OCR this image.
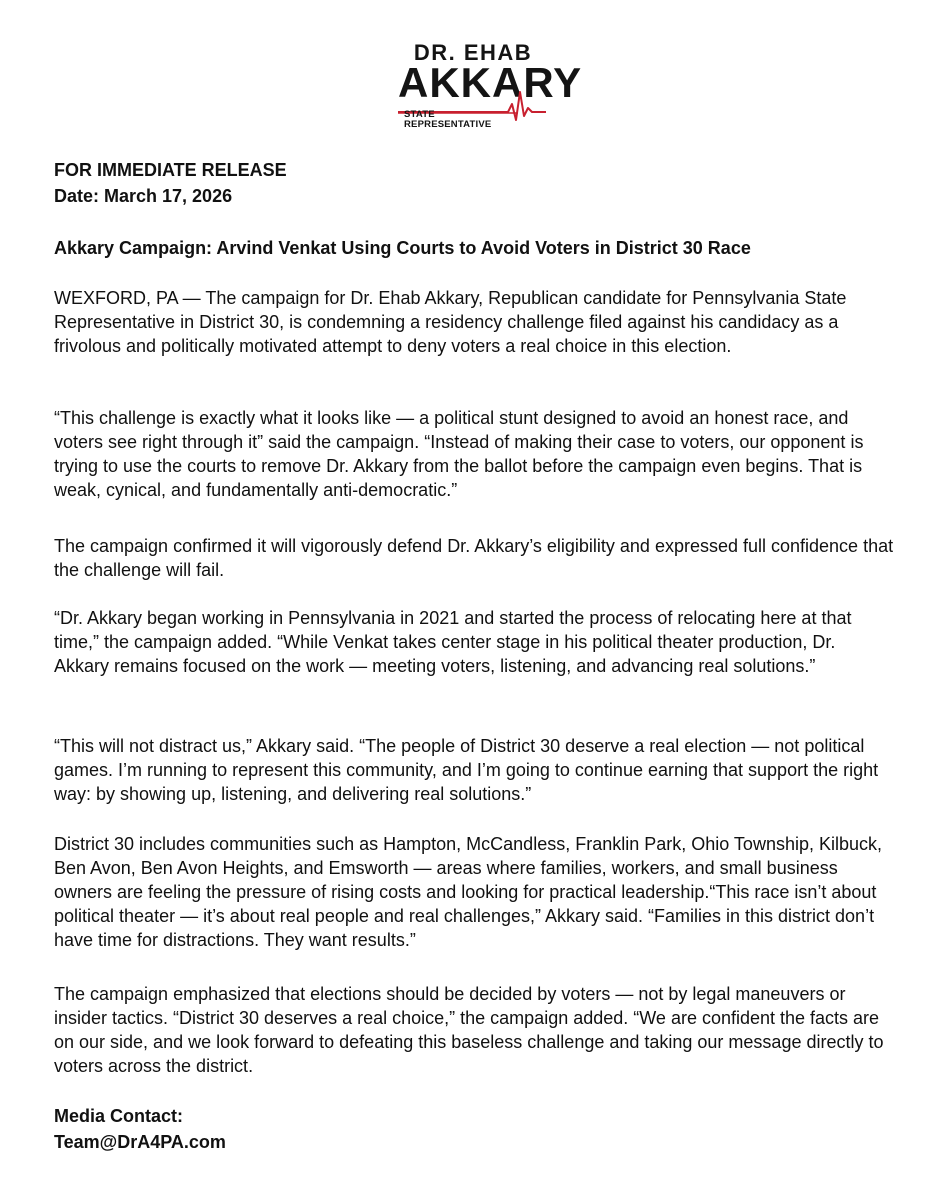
DR. EHAB
AKKARY
STATE REPRESENTATIVE
FOR IMMEDIATE RELEASE
Date: March 17, 2026
Akkary Campaign: Arvind Venkat Using Courts to Avoid Voters in District 30 Race

WEXFORD, PA — The campaign for Dr. Ehab Akkary, Republican candidate for Pennsylvania State Representative in District 30, is condemning a residency challenge filed against his candidacy as a frivolous and politically motivated attempt to deny voters a real choice in this election.

“This challenge is exactly what it looks like — a political stunt designed to avoid an honest race, and voters see right through it” said the campaign. “Instead of making their case to voters, our opponent is trying to use the courts to remove Dr. Akkary from the ballot before the campaign even begins. That is weak, cynical, and fundamentally anti-democratic.”

The campaign confirmed it will vigorously defend Dr. Akkary’s eligibility and expressed full confidence that the challenge will fail.

“Dr. Akkary began working in Pennsylvania in 2021 and started the process of relocating here at that time,” the campaign added. “While Venkat takes center stage in his political theater production, Dr. Akkary remains focused on the work — meeting voters, listening, and advancing real solutions.”

“This will not distract us,” Akkary said. “The people of District 30 deserve a real election — not political games. I’m running to represent this community, and I’m going to continue earning that support the right way: by showing up, listening, and delivering real solutions.”

District 30 includes communities such as Hampton, McCandless, Franklin Park, Ohio Township, Kilbuck, Ben Avon, Ben Avon Heights, and Emsworth — areas where families, workers, and small business owners are feeling the pressure of rising costs and looking for practical leadership.“This race isn’t about political theater — it’s about real people and real challenges,” Akkary said. “Families in this district don’t have time for distractions. They want results.”

The campaign emphasized that elections should be decided by voters — not by legal maneuvers or insider tactics. “District 30 deserves a real choice,” the campaign added. “We are confident the facts are on our side, and we look forward to defeating this baseless challenge and taking our message directly to voters across the district.

Media Contact:
Team@DrA4PA.com
